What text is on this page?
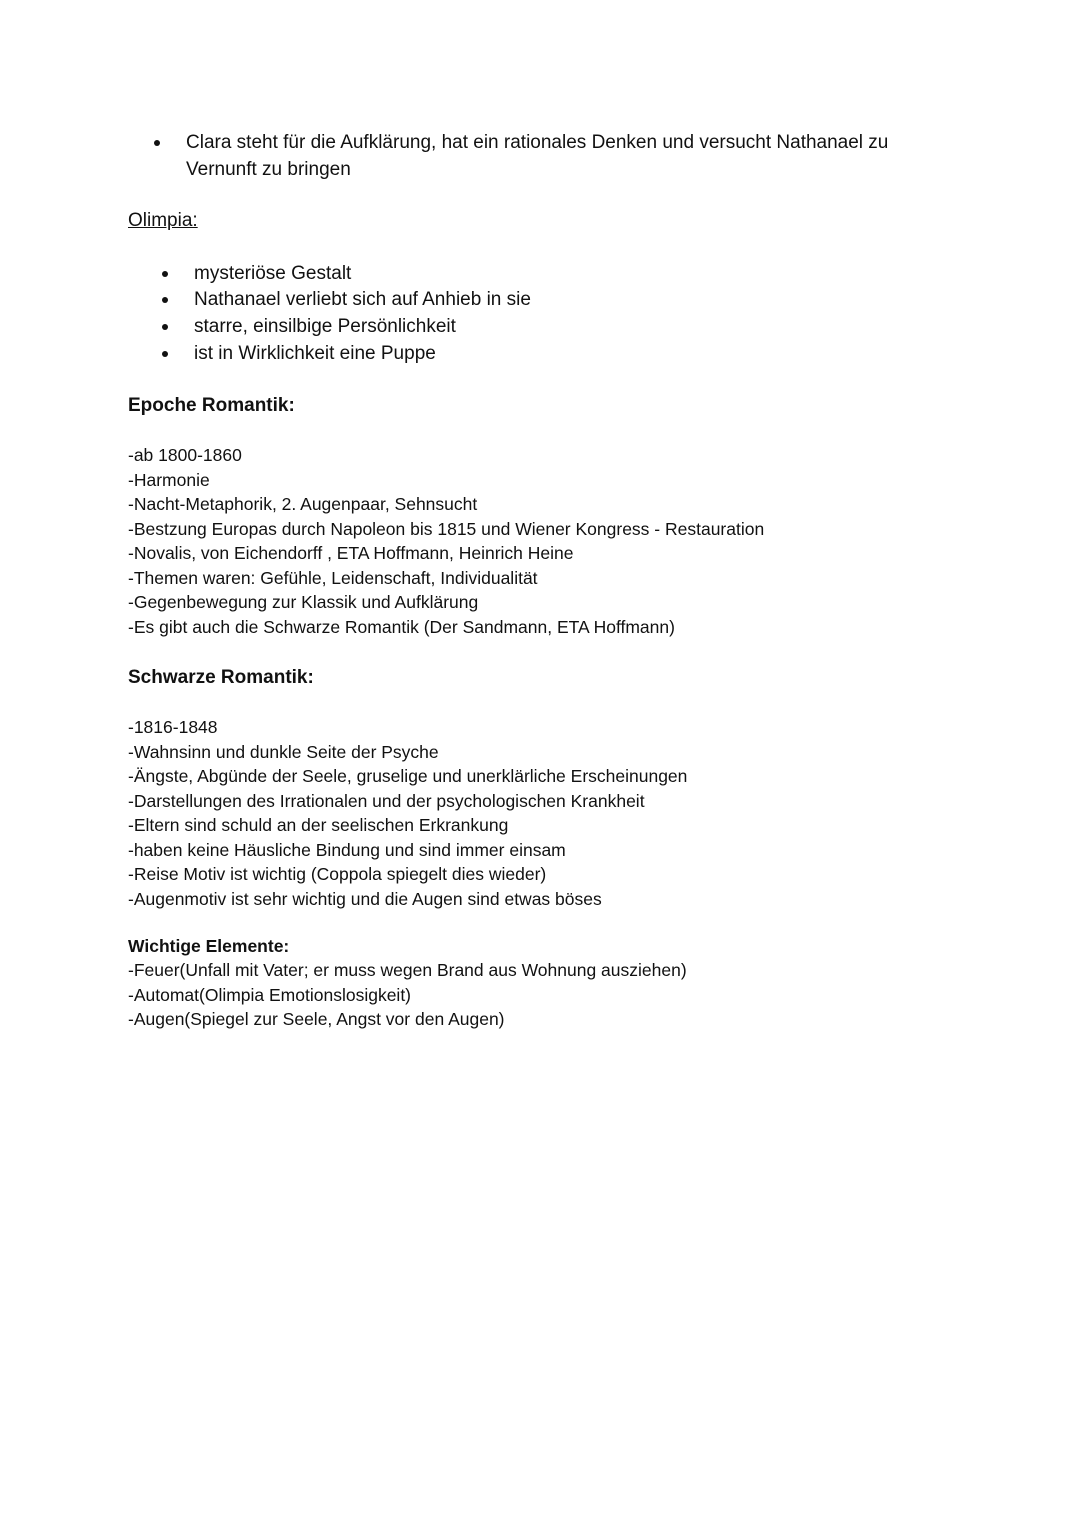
Clara steht für die Aufklärung, hat ein rationales Denken und versucht Nathanael zu

Vernunft zu bringen

Olimpia:

mysteriöse Gestalt

Nathanael verliebt sich auf Anhieb in sie

starre, einsilbige Persönlichkeit

ist in Wirklichkeit eine Puppe

Epoche Romantik:

-ab 1800-1860
-Harmonie
-Nacht-Metaphorik, 2. Augenpaar, Sehnsucht
-Bestzung Europas durch Napoleon bis 1815 und Wiener Kongress - Restauration
-Novalis, von Eichendorff , ETA Hoffmann, Heinrich Heine
-Themen waren: Gefühle, Leidenschaft, Individualität
-Gegenbewegung zur Klassik und Aufklärung
-Es gibt auch die Schwarze Romantik (Der Sandmann, ETA Hoffmann)

Schwarze Romantik:

-1816-1848
-Wahnsinn und dunkle Seite der Psyche
-Ängste, Abgünde der Seele, gruselige und unerklärliche Erscheinungen
-Darstellungen des Irrationalen und der psychologischen Krankheit
-Eltern sind schuld an der seelischen Erkrankung
-haben keine Häusliche Bindung und sind immer einsam
-Reise Motiv ist wichtig (Coppola spiegelt dies wieder)
-Augenmotiv ist sehr wichtig und die Augen sind etwas böses

Wichtige Elemente:

-Feuer(Unfall mit Vater; er muss wegen Brand aus Wohnung ausziehen)
-Automat(Olimpia Emotionslosigkeit)
-Augen(Spiegel zur Seele, Angst vor den Augen)
